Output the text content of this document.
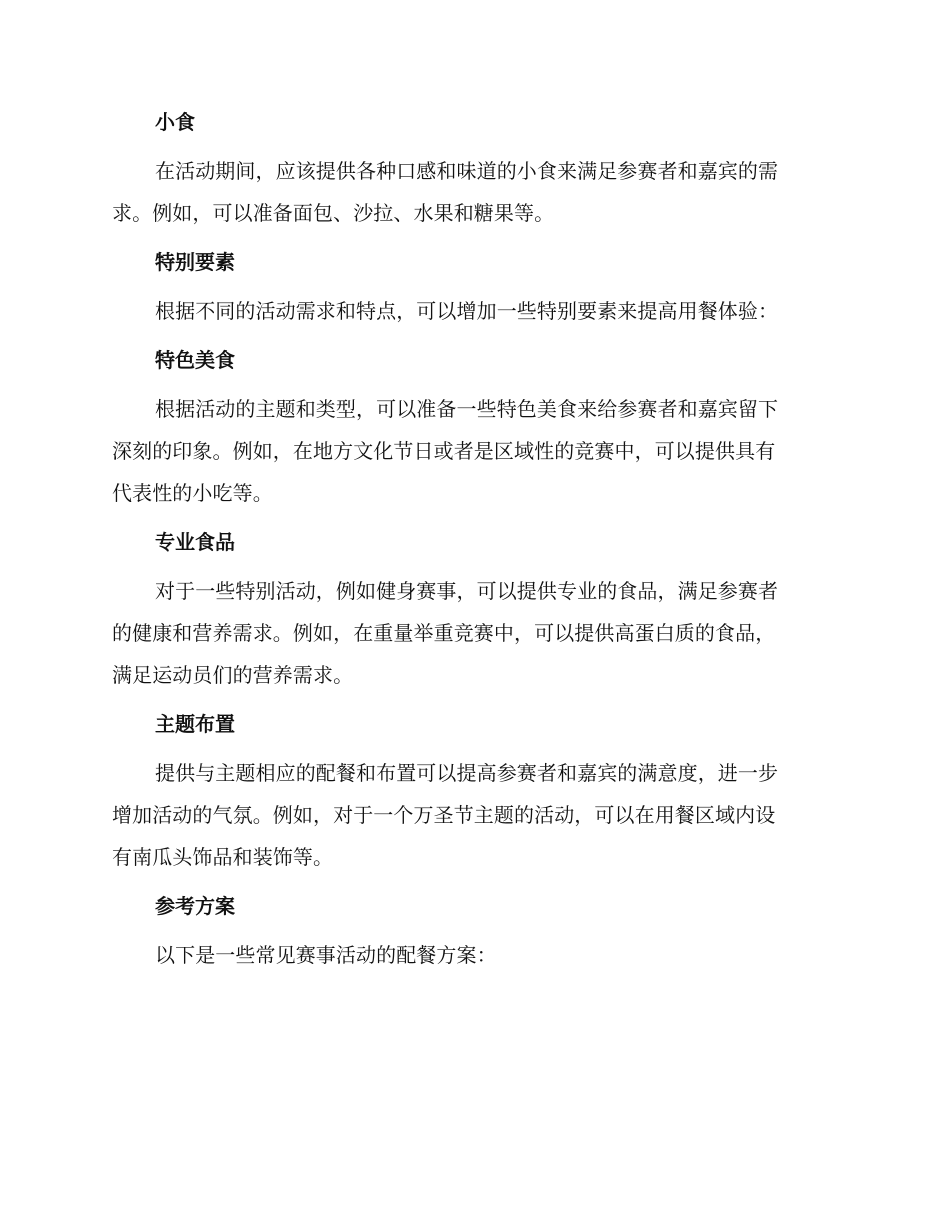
小食

在活动期间，应该提供各种口感和味道的小食来满足参赛者和嘉宾的需

求。例如，可以准备面包、沙拉、水果和糖果等。

特别要素

根据不同的活动需求和特点，可以增加一些特别要素来提高用餐体验：

特色美食

根据活动的主题和类型，可以准备一些特色美食来给参赛者和嘉宾留下

深刻的印象。例如，在地方文化节日或者是区域性的竞赛中，可以提供具有

代表性的小吃等。

专业食品

对于一些特别活动，例如健身赛事，可以提供专业的食品，满足参赛者

的健康和营养需求。例如，在重量举重竞赛中，可以提供高蛋白质的食品，

满足运动员们的营养需求。

主题布置

提供与主题相应的配餐和布置可以提高参赛者和嘉宾的满意度，进一步

增加活动的气氛。例如，对于一个万圣节主题的活动，可以在用餐区域内设

有南瓜头饰品和装饰等。

参考方案

以下是一些常见赛事活动的配餐方案：
